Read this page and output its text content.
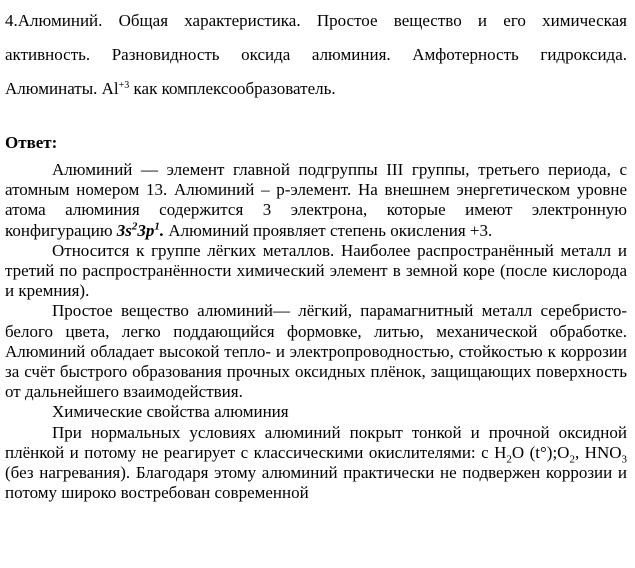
4.Алюминий. Общая характеристика. Простое вещество и его химическая активность. Разновидность оксида алюминия. Амфотерность гидроксида. Алюминаты. $Al^{+3}$ как комплексообразователь.

Ответ:

Алюминий — элемент главной подгруппы III группы, третьего периода, с атомным номером 13. Алюминий – p-элемент. На внешнем энергетическом уровне атома алюминия содержится 3 электрона, которые имеют электронную конфигурацию $3s^23p^1$. Алюминий проявляет степень окисления +3.

Относится к группе лёгких металлов. Наиболее распространённый металл и третий по распространённости химический элемент в земной коре (после кислорода и кремния).

Простое вещество алюминий— лёгкий, парамагнитный металл серебристо-белого цвета, легко поддающийся формовке, литью, механической обработке. Алюминий обладает высокой тепло- и электропроводностью, стойкостью к коррозии за счёт быстрого образования прочных оксидных плёнок, защищающих поверхность от дальнейшего взаимодействия.

Химические свойства алюминия

При нормальных условиях алюминий покрыт тонкой и прочной оксидной плёнкой и потому не реагирует с классическими окислителями: с $H_2O$ $(t^\circ);O_2$, $HNO_3$ (без нагревания). Благодаря этому алюминий практически не подвержен коррозии и потому широко востребован современной
